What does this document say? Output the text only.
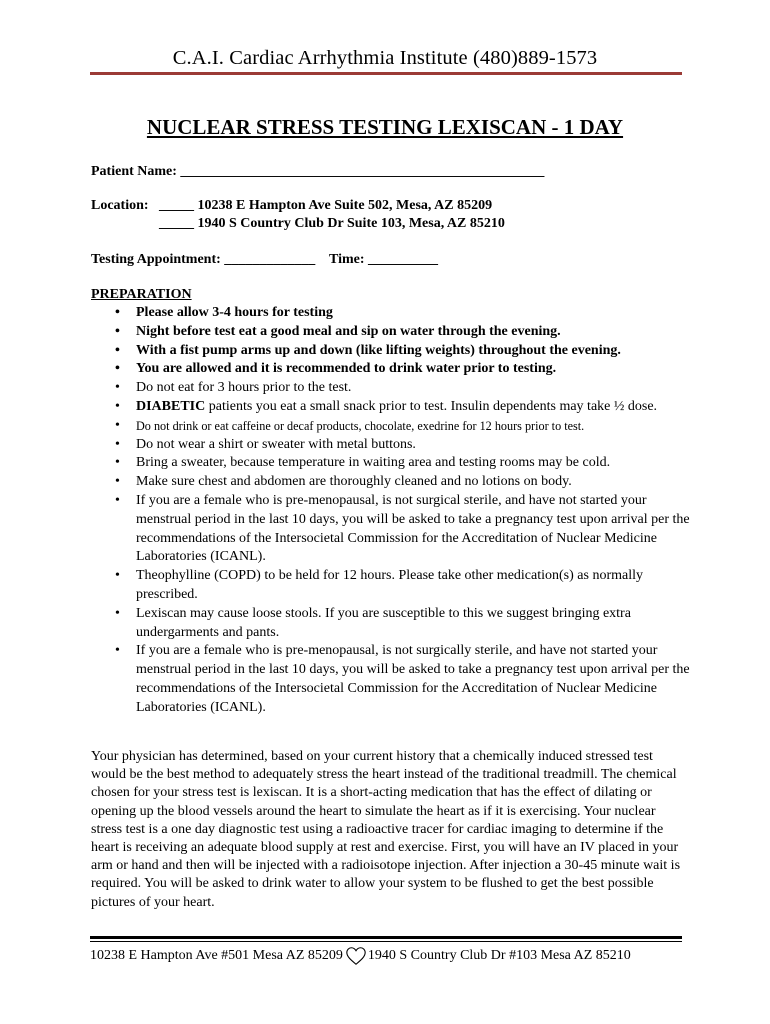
C.A.I. Cardiac Arrhythmia Institute (480)889-1573
NUCLEAR STRESS TESTING LEXISCAN - 1 DAY
Patient Name: ____________________________________________________
Location:   _____ 10238 E Hampton Ave Suite 502, Mesa, AZ 85209
_____ 1940 S Country Club Dr Suite 103, Mesa, AZ 85210
Testing Appointment: _____________    Time: __________
PREPARATION
• Please allow 3-4 hours for testing
• Night before test eat a good meal and sip on water through the evening.
• With a fist pump arms up and down (like lifting weights) throughout the evening.
• You are allowed and it is recommended to drink water prior to testing.
• Do not eat for 3 hours prior to the test.
• DIABETIC patients you eat a small snack prior to test. Insulin dependents may take ½ dose.
• Do not drink or eat caffeine or decaf products, chocolate, exedrine for 12 hours prior to test.
• Do not wear a shirt or sweater with metal buttons.
• Bring a sweater, because temperature in waiting area and testing rooms may be cold.
• Make sure chest and abdomen are thoroughly cleaned and no lotions on body.
• If you are a female who is pre-menopausal, is not surgical sterile, and have not started your menstrual period in the last 10 days, you will be asked to take a pregnancy test upon arrival per the recommendations of the Intersocietal Commission for the Accreditation of Nuclear Medicine Laboratories (ICANL).
• Theophylline (COPD) to be held for 12 hours. Please take other medication(s) as normally prescribed.
• Lexiscan may cause loose stools. If you are susceptible to this we suggest bringing extra undergarments and pants.
• If you are a female who is pre-menopausal, is not surgically sterile, and have not started your menstrual period in the last 10 days, you will be asked to take a pregnancy test upon arrival per the recommendations of the Intersocietal Commission for the Accreditation of Nuclear Medicine Laboratories (ICANL).

Your physician has determined, based on your current history that a chemically induced stressed test would be the best method to adequately stress the heart instead of the traditional treadmill. The chemical chosen for your stress test is lexiscan. It is a short-acting medication that has the effect of dilating or opening up the blood vessels around the heart to simulate the heart as if it is exercising. Your nuclear stress test is a one day diagnostic test using a radioactive tracer for cardiac imaging to determine if the heart is receiving an adequate blood supply at rest and exercise. First, you will have an IV placed in your arm or hand and then will be injected with a radioisotope injection. After injection a 30-45 minute wait is required. You will be asked to drink water to allow your system to be flushed to get the best possible pictures of your heart.

10238 E Hampton Ave #501 Mesa AZ 85209 1940 S Country Club Dr #103 Mesa AZ 85210
